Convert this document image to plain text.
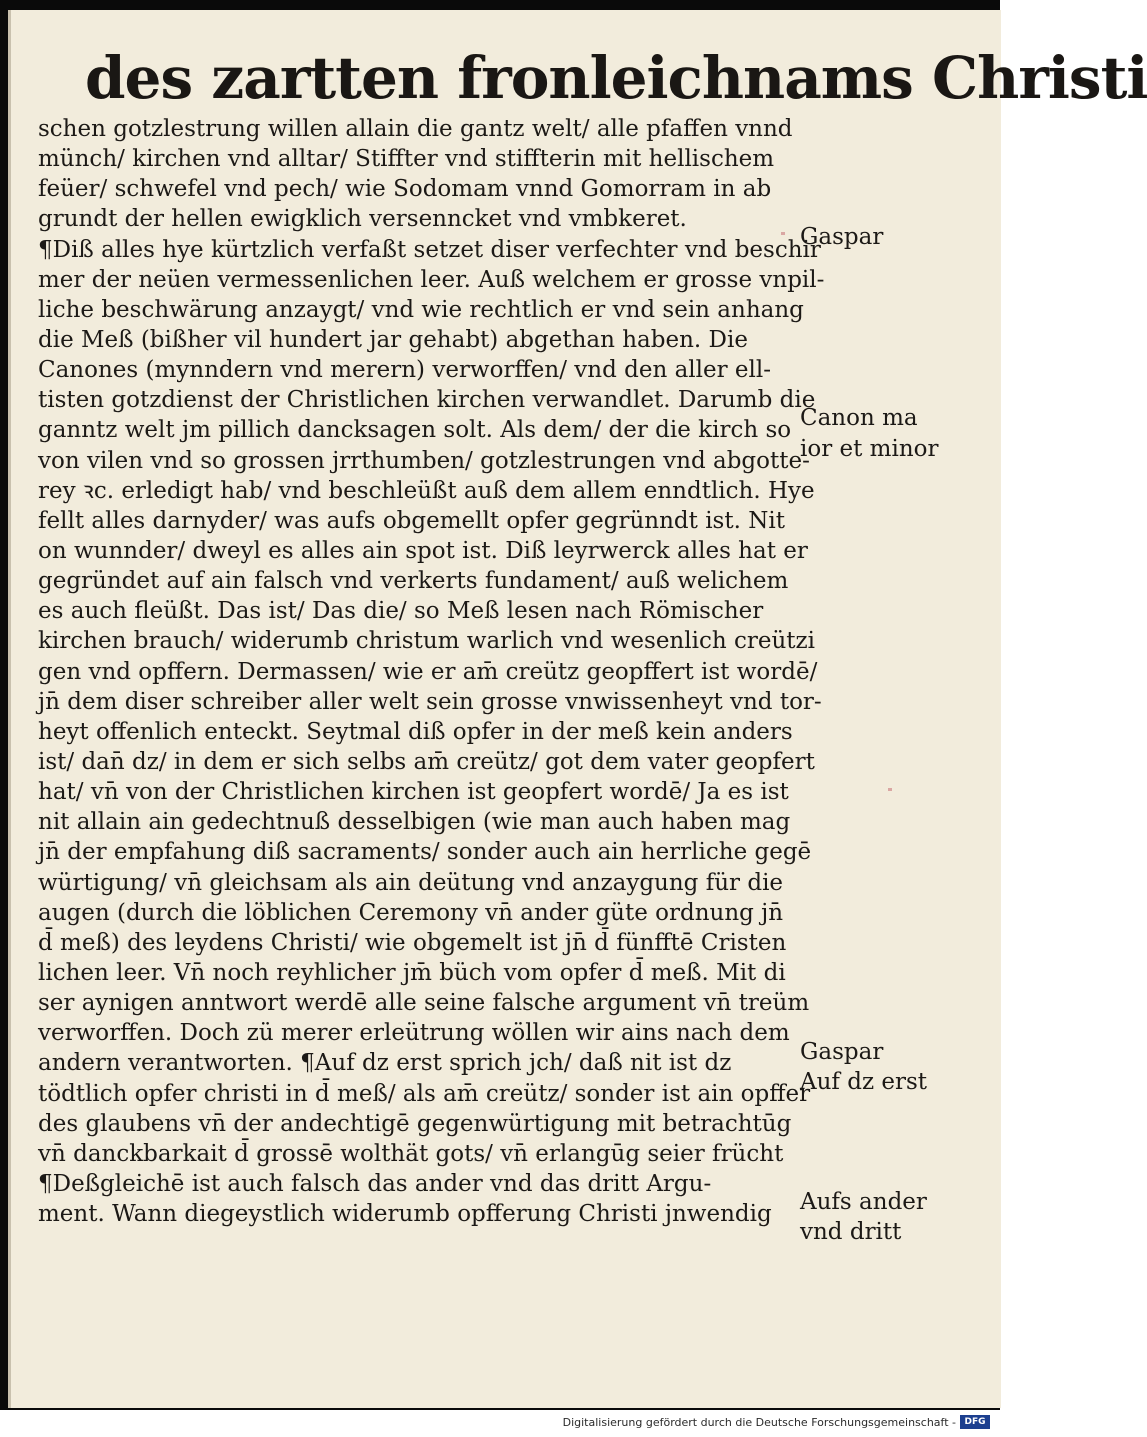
des zartten fronleichnams Christi
schen gotzlestrung willen allain die gantz welt/ alle pfaffen vnnd
münch/ kirchen vnd alltar/ Stiffter vnd stiffterin mit hellischem
feüer/ schwefel vnd pech/ wie Sodomam vnnd Gomorram in ab
grundt der hellen ewigklich versenncket vnd vmbkeret.
¶Diß alles hye kürtzlich verfaßt setzet diser verfechter vnd beschir
mer der neüen vermessenlichen leer. Auß welchem er grosse vnpil-
liche beschwärung anzaygt/ vnd wie rechtlich er vnd sein anhang
die Meß (bißher vil hundert jar gehabt) abgethan haben. Die
Canones (mynndern vnd merern) verworffen/ vnd den aller ell-
tisten gotzdienst der Christlichen kirchen verwandlet. Darumb die
ganntz welt jm pillich dancksagen solt. Als dem/ der die kirch so
von vilen vnd so grossen jrrthumben/ gotzlestrungen vnd abgotte-
rey ꝛc. erledigt hab/ vnd beschleüßt auß dem allem enndtlich. Hye
fellt alles darnyder/ was aufs obgemellt opfer gegrünndt ist. Nit
on wunnder/ dweyl es alles ain spot ist. Diß leyrwerck alles hat er
gegründet auf ain falsch vnd verkerts fundament/ auß welichem
es auch fleüßt. Das ist/ Das die/ so Meß lesen nach Römischer
kirchen brauch/ widerumb christum warlich vnd wesenlich creützi
gen vnd opffern. Dermassen/ wie er am̄ creütz geopffert ist wordē/
jn̄ dem diser schreiber aller welt sein grosse vnwissenheyt vnd tor-
heyt offenlich enteckt. Seytmal diß opfer in der meß kein anders
ist/ dan̄ dz/ in dem er sich selbs am̄ creütz/ got dem vater geopfert
hat/ vn̄ von der Christlichen kirchen ist geopfert wordē/ Ja es ist
nit allain ain gedechtnuß desselbigen (wie man auch haben mag
jn̄ der empfahung diß sacraments/ sonder auch ain herrliche gegē
würtigung/ vn̄ gleichsam als ain deütung vnd anzaygung für die
augen (durch die löblichen Ceremony vn̄ ander güte ordnung jn̄
d̄ meß) des leydens Christi/ wie obgemelt ist jn̄ d̄ fünfftē Cristen
lichen leer. Vn̄ noch reyhlicher jm̄ büch vom opfer d̄ meß. Mit di
ser aynigen anntwort werdē alle seine falsche argument vn̄ treüm
verworffen. Doch zü merer erleütrung wöllen wir ains nach dem
andern verantworten. ¶Auf dz erst sprich jch/ daß nit ist dz
tödtlich opfer christi in d̄ meß/ als am̄ creütz/ sonder ist ain opffer
des glaubens vn̄ der andechtigē gegenwürtigung mit betrachtūg
vn̄ danckbarkait d̄ grossē wolthät gots/ vn̄ erlangūg seier frücht
¶Deßgleichē ist auch falsch das ander vnd das dritt Argu-
ment. Wann diegeystlich widerumb opfferung Christi jnwendig
Gaspar
Canon ma
ior et minor
Gaspar
Auf dz erst
Aufs ander
vnd dritt
Digitalisierung gefördert durch die Deutsche Forschungsgemeinschaft - DFG
